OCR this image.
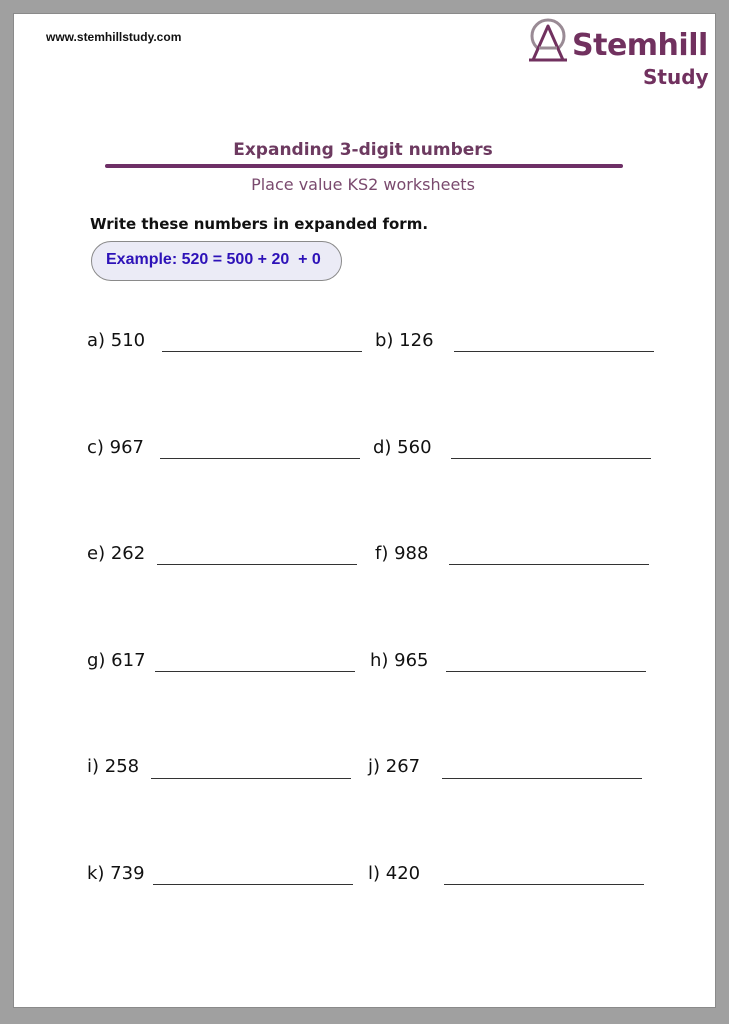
www.stemhillstudy.com	Stemhill
Study
Expanding 3-digit numbers
Place value KS2 worksheets
Write these numbers in expanded form.
Example: 520 = 500 + 20  + 0
a) 510	b) 126
c) 967	d) 560
e) 262	f) 988
g) 617	h) 965
i) 258	j) 267
k) 739	l) 420
